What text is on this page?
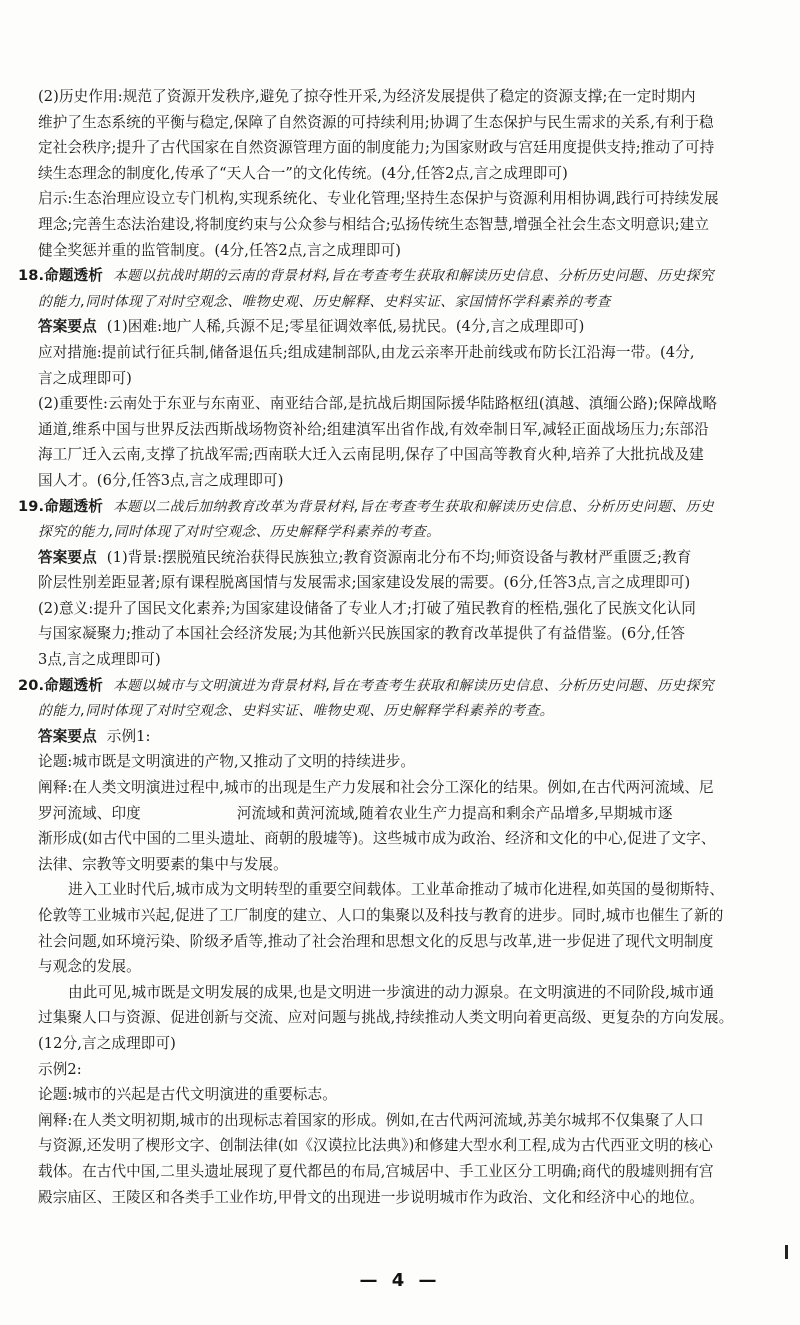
(2)历史作用:规范了资源开发秩序,避免了掠夺性开采,为经济发展提供了稳定的资源支撑;在一定时期内
维护了生态系统的平衡与稳定,保障了自然资源的可持续利用;协调了生态保护与民生需求的关系,有利于稳
定社会秩序;提升了古代国家在自然资源管理方面的制度能力;为国家财政与宫廷用度提供支持;推动了可持
续生态理念的制度化,传承了“天人合一”的文化传统。(4分,任答2点,言之成理即可)
启示:生态治理应设立专门机构,实现系统化、专业化管理;坚持生态保护与资源利用相协调,践行可持续发展
理念;完善生态法治建设,将制度约束与公众参与相结合;弘扬传统生态智慧,增强全社会生态文明意识;建立
健全奖惩并重的监管制度。(4分,任答2点,言之成理即可)
18.命题透析 本题以抗战时期的云南的背景材料,旨在考查考生获取和解读历史信息、分析历史问题、历史探究
的能力,同时体现了对时空观念、唯物史观、历史解释、史料实证、家国情怀学科素养的考查
答案要点 (1)困难:地广人稀,兵源不足;零星征调效率低,易扰民。(4分,言之成理即可)
应对措施:提前试行征兵制,储备退伍兵;组成建制部队,由龙云亲率开赴前线或布防长江沿海一带。(4分,
言之成理即可)
(2)重要性:云南处于东亚与东南亚、南亚结合部,是抗战后期国际援华陆路枢纽(滇越、滇缅公路);保障战略
通道,维系中国与世界反法西斯战场物资补给;组建滇军出省作战,有效牵制日军,减轻正面战场压力;东部沿
海工厂迁入云南,支撑了抗战军需;西南联大迁入云南昆明,保存了中国高等教育火种,培养了大批抗战及建
国人才。(6分,任答3点,言之成理即可)
19.命题透析 本题以二战后加纳教育改革为背景材料,旨在考查考生获取和解读历史信息、分析历史问题、历史
探究的能力,同时体现了对时空观念、历史解释学科素养的考查。
答案要点 (1)背景:摆脱殖民统治获得民族独立;教育资源南北分布不均;师资设备与教材严重匮乏;教育
阶层性别差距显著;原有课程脱离国情与发展需求;国家建设发展的需要。(6分,任答3点,言之成理即可)
(2)意义:提升了国民文化素养;为国家建设储备了专业人才;打破了殖民教育的桎梏,强化了民族文化认同
与国家凝聚力;推动了本国社会经济发展;为其他新兴民族国家的教育改革提供了有益借鉴。(6分,任答
3点,言之成理即可)
20.命题透析 本题以城市与文明演进为背景材料,旨在考查考生获取和解读历史信息、分析历史问题、历史探究
的能力,同时体现了对时空观念、史料实证、唯物史观、历史解释学科素养的考查。
答案要点 示例1:
论题:城市既是文明演进的产物,又推动了文明的持续进步。
阐释:在人类文明演进过程中,城市的出现是生产力发展和社会分工深化的结果。例如,在古代两河流域、尼
罗河流域、印度	河流域和黄河流域,随着农业生产力提高和剩余产品增多,早期城市逐
渐形成(如古代中国的二里头遗址、商朝的殷墟等)。这些城市成为政治、经济和文化的中心,促进了文字、
法律、宗教等文明要素的集中与发展。
进入工业时代后,城市成为文明转型的重要空间载体。工业革命推动了城市化进程,如英国的曼彻斯特、
伦敦等工业城市兴起,促进了工厂制度的建立、人口的集聚以及科技与教育的进步。同时,城市也催生了新的
社会问题,如环境污染、阶级矛盾等,推动了社会治理和思想文化的反思与改革,进一步促进了现代文明制度
与观念的发展。
由此可见,城市既是文明发展的成果,也是文明进一步演进的动力源泉。在文明演进的不同阶段,城市通
过集聚人口与资源、促进创新与交流、应对问题与挑战,持续推动人类文明向着更高级、更复杂的方向发展。
(12分,言之成理即可)
示例2:
论题:城市的兴起是古代文明演进的重要标志。
阐释:在人类文明初期,城市的出现标志着国家的形成。例如,在古代两河流域,苏美尔城邦不仅集聚了人口
与资源,还发明了楔形文字、创制法律(如《汉谟拉比法典》)和修建大型水利工程,成为古代西亚文明的核心
载体。在古代中国,二里头遗址展现了夏代都邑的布局,宫城居中、手工业区分工明确;商代的殷墟则拥有宫
殿宗庙区、王陵区和各类手工业作坊,甲骨文的出现进一步说明城市作为政治、文化和经济中心的地位。
— 4 —
